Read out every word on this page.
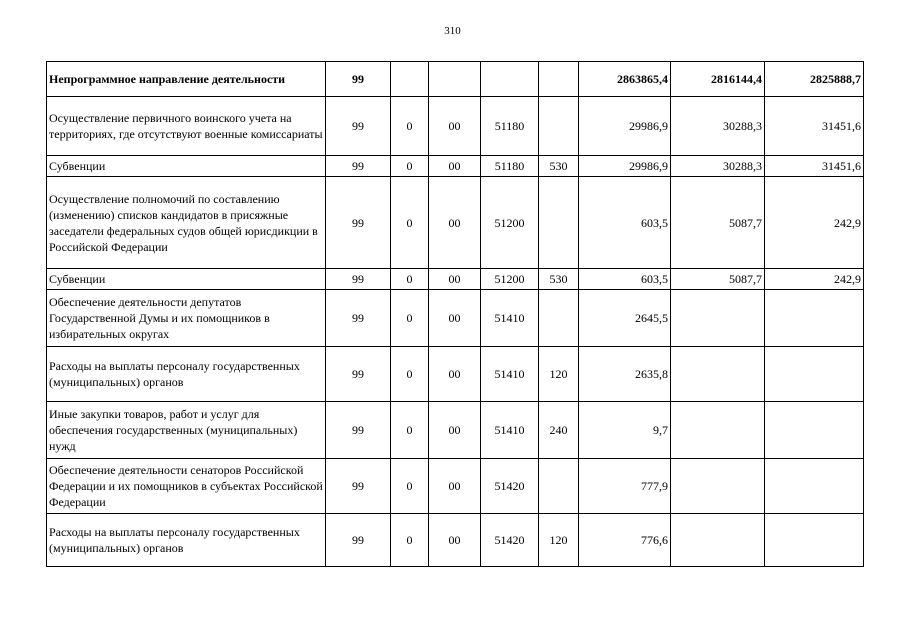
310
Непрограммное направление деятельности	99					2863865,4	2816144,4	2825888,7
Осуществление первичного воинского учета на территориях, где отсутствуют военные комиссариаты	99	0	00	51180		29986,9	30288,3	31451,6
Субвенции	99	0	00	51180	530	29986,9	30288,3	31451,6
Осуществление полномочий по составлению (изменению) списков кандидатов в присяжные заседатели федеральных судов общей юрисдикции в Российской Федерации	99	0	00	51200		603,5	5087,7	242,9
Субвенции	99	0	00	51200	530	603,5	5087,7	242,9
Обеспечение деятельности депутатов Государственной Думы и их помощников в избирательных округах	99	0	00	51410		2645,5		
Расходы на выплаты персоналу государственных (муниципальных) органов	99	0	00	51410	120	2635,8		
Иные закупки товаров, работ и услуг для обеспечения государственных (муниципальных) нужд	99	0	00	51410	240	9,7		
Обеспечение деятельности сенаторов Российской Федерации и их помощников в субъектах Российской Федерации	99	0	00	51420		777,9		
Расходы на выплаты персоналу государственных (муниципальных) органов	99	0	00	51420	120	776,6		
